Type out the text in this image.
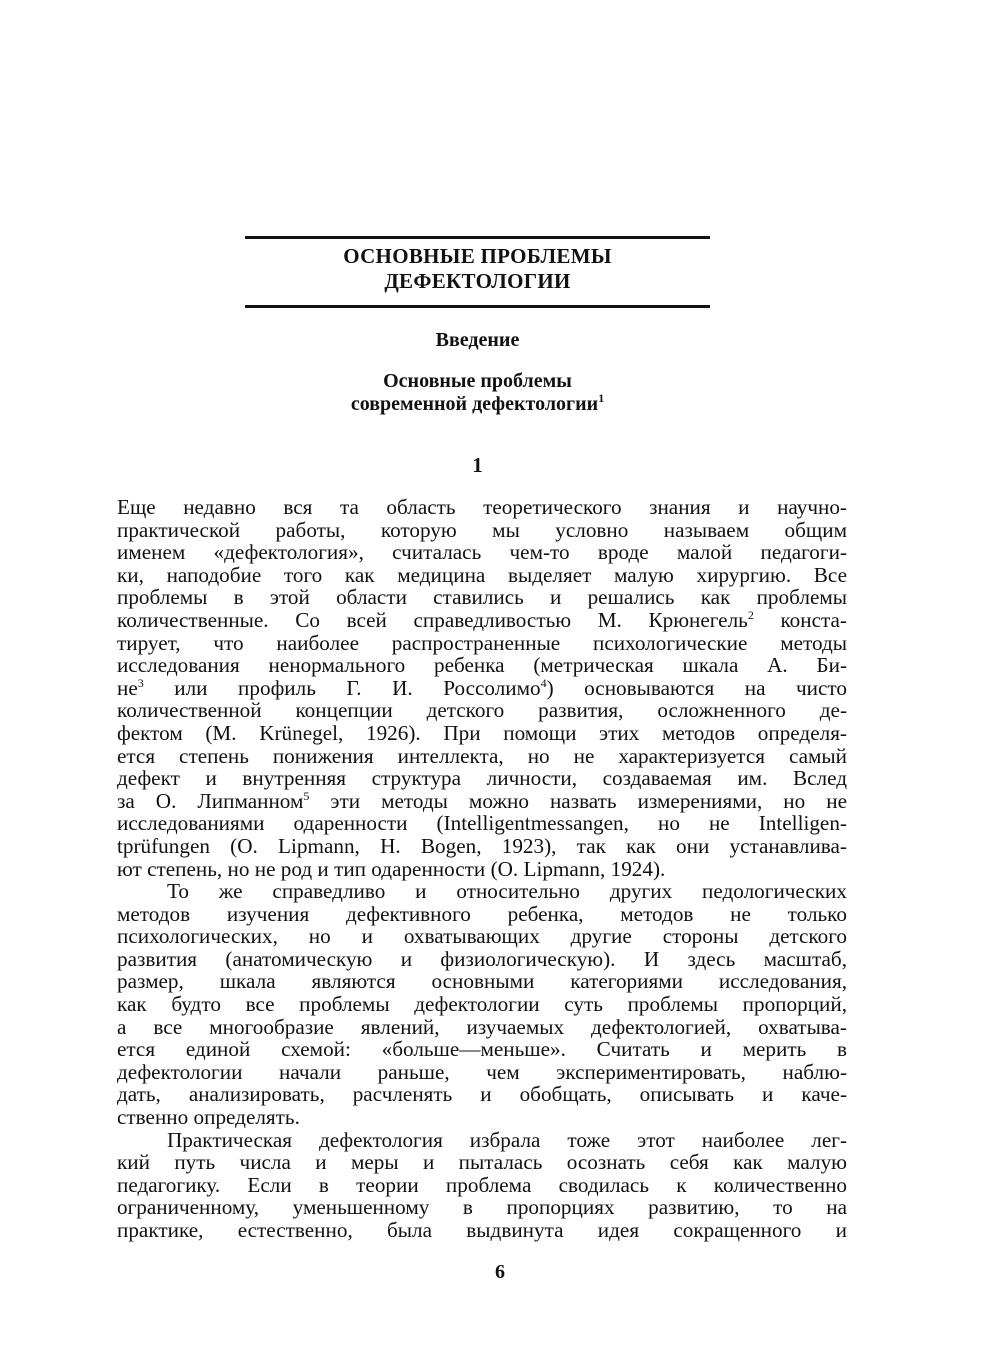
ОСНОВНЫЕ ПРОБЛЕМЫ
ДЕФЕКТОЛОГИИ
Введение
Основные проблемы
современной дефектологии$^1$
1
Еще недавно вся та область теоретического знания и научно-
практической работы, которую мы условно называем общим
именем «дефектология», считалась чем-то вроде малой педагоги-
ки, наподобие того как медицина выделяет малую хирургию. Все
проблемы в этой области ставились и решались как проблемы
количественные. Со всей справедливостью М. Крюнегель$^2$ конста-
тирует, что наиболее распространенные психологические методы
исследования ненормального ребенка (метрическая шкала А. Би-
$не^3$ или профиль Г. И. Россолимо$^4$) основываются на чисто
количественной концепции детского развития, осложненного де-
фектом (M. Krünegel, 1926). При помощи этих методов определя-
ется степень понижения интеллекта, но не характеризуется самый
дефект и внутренняя структура личности, создаваемая им. Вслед
за О. Липманном$^5$ эти методы можно назвать измерениями, но не
исследованиями одаренности (Intelligentmessangen, но не Intelligen-
tprüfungen (O. Lipmann, H. Bogen, 1923), так как они устанавлива-
ют степень, но не род и тип одаренности (O. Lipmann, 1924).
То же справедливо и относительно других педологических
методов изучения дефективного ребенка, методов не только
психологических, но и охватывающих другие стороны детского
развития (анатомическую и физиологическую). И здесь масштаб,
размер, шкала являются основными категориями исследования,
как будто все проблемы дефектологии суть проблемы пропорций,
а все многообразие явлений, изучаемых дефектологией, охватыва-
ется единой схемой: «больше—меньше». Считать и мерить в
дефектологии начали раньше, чем экспериментировать, наблю-
дать, анализировать, расчленять и обобщать, описывать и каче-
ственно определять.
Практическая дефектология избрала тоже этот наиболее лег-
кий путь числа и меры и пыталась осознать себя как малую
педагогику. Если в теории проблема сводилась к количественно
ограниченному, уменьшенному в пропорциях развитию, то на
практике, естественно, была выдвинута идея сокращенного и
6
